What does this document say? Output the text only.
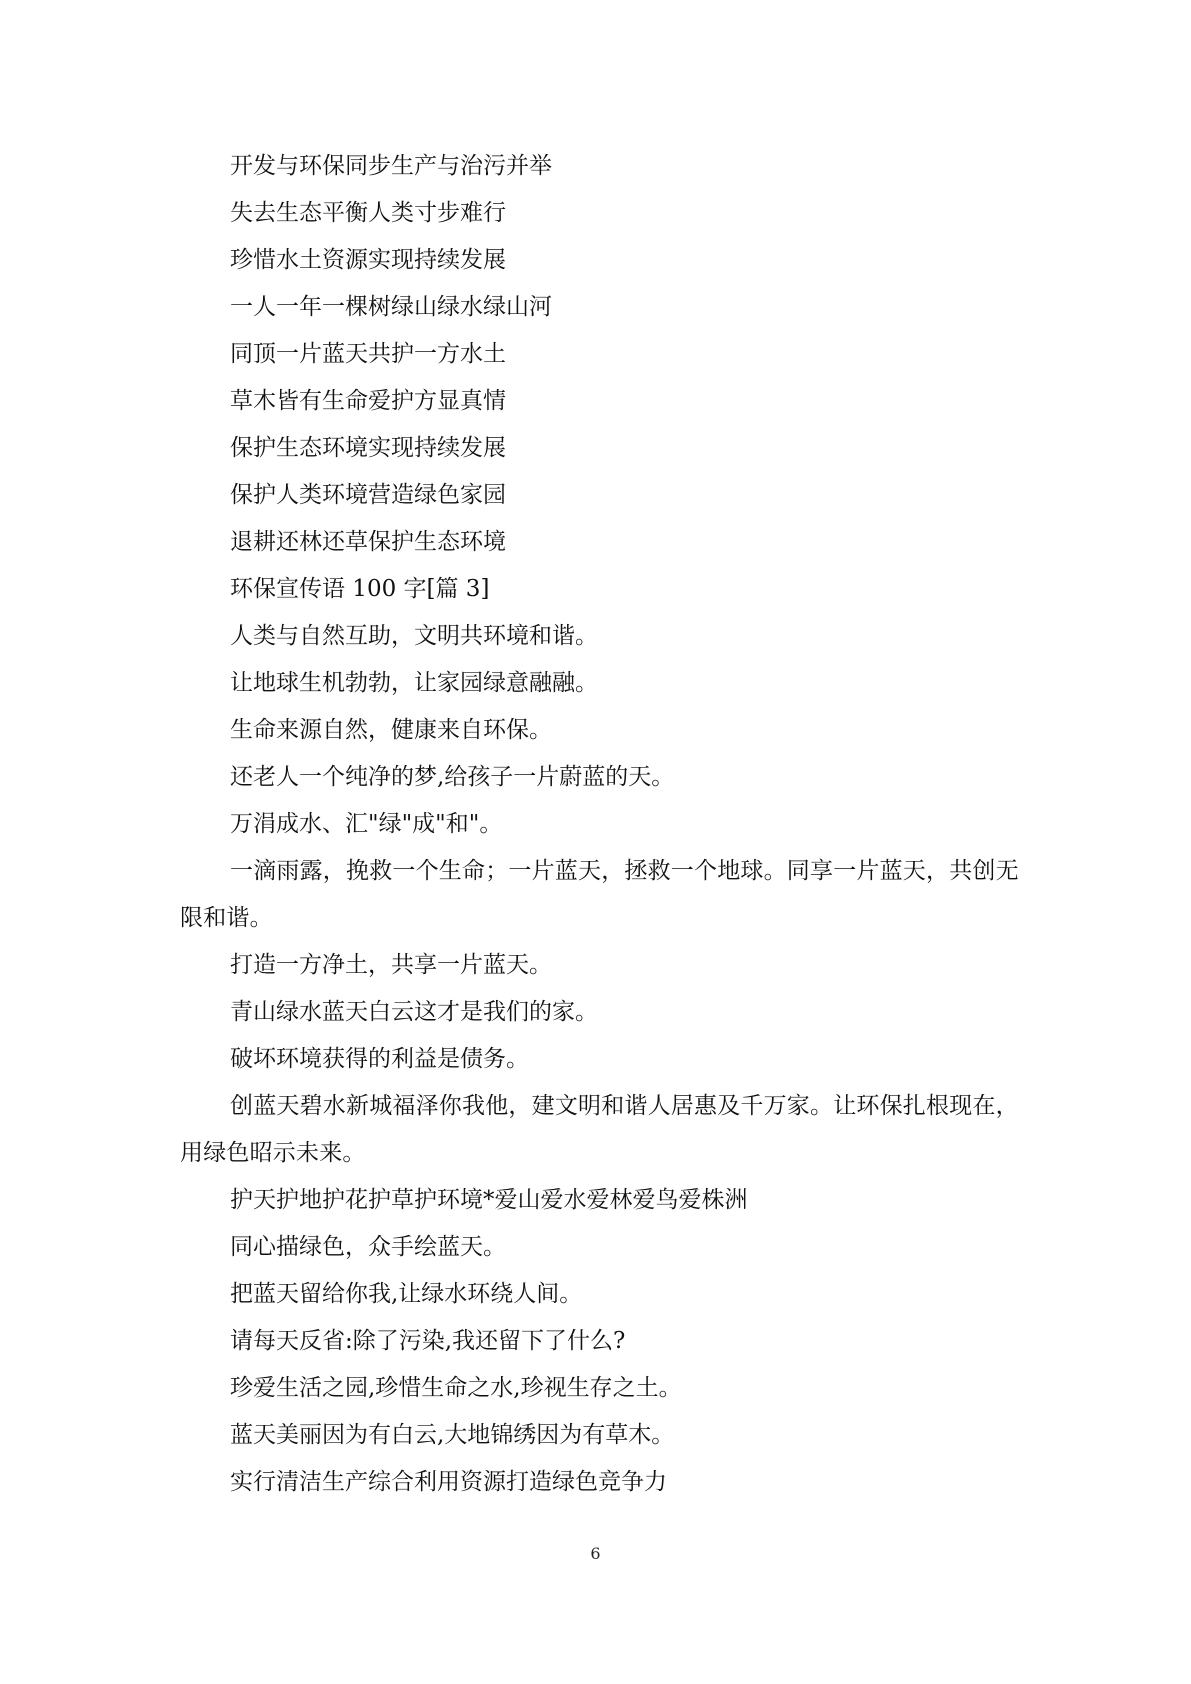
开发与环保同步生产与治污并举

失去生态平衡人类寸步难行

珍惜水土资源实现持续发展

一人一年一棵树绿山绿水绿山河

同顶一片蓝天共护一方水土

草木皆有生命爱护方显真情

保护生态环境实现持续发展

保护人类环境营造绿色家园

退耕还林还草保护生态环境

环保宣传语 100 字[篇 3]

人类与自然互助，文明共环境和谐。

让地球生机勃勃，让家园绿意融融。

生命来源自然，健康来自环保。

还老人一个纯净的梦,给孩子一片蔚蓝的天。

万涓成水、汇"绿"成"和"。

一滴雨露，挽救一个生命；一片蓝天，拯救一个地球。同享一片蓝天，共创无限和谐。

打造一方净土，共享一片蓝天。

青山绿水蓝天白云这才是我们的家。

破坏环境获得的利益是债务。

创蓝天碧水新城福泽你我他，建文明和谐人居惠及千万家。让环保扎根现在，用绿色昭示未来。

护天护地护花护草护环境*爱山爱水爱林爱鸟爱株洲

同心描绿色，众手绘蓝天。

把蓝天留给你我,让绿水环绕人间。

请每天反省:除了污染,我还留下了什么?

珍爱生活之园,珍惜生命之水,珍视生存之土。

蓝天美丽因为有白云,大地锦绣因为有草木。

实行清洁生产综合利用资源打造绿色竞争力

6
